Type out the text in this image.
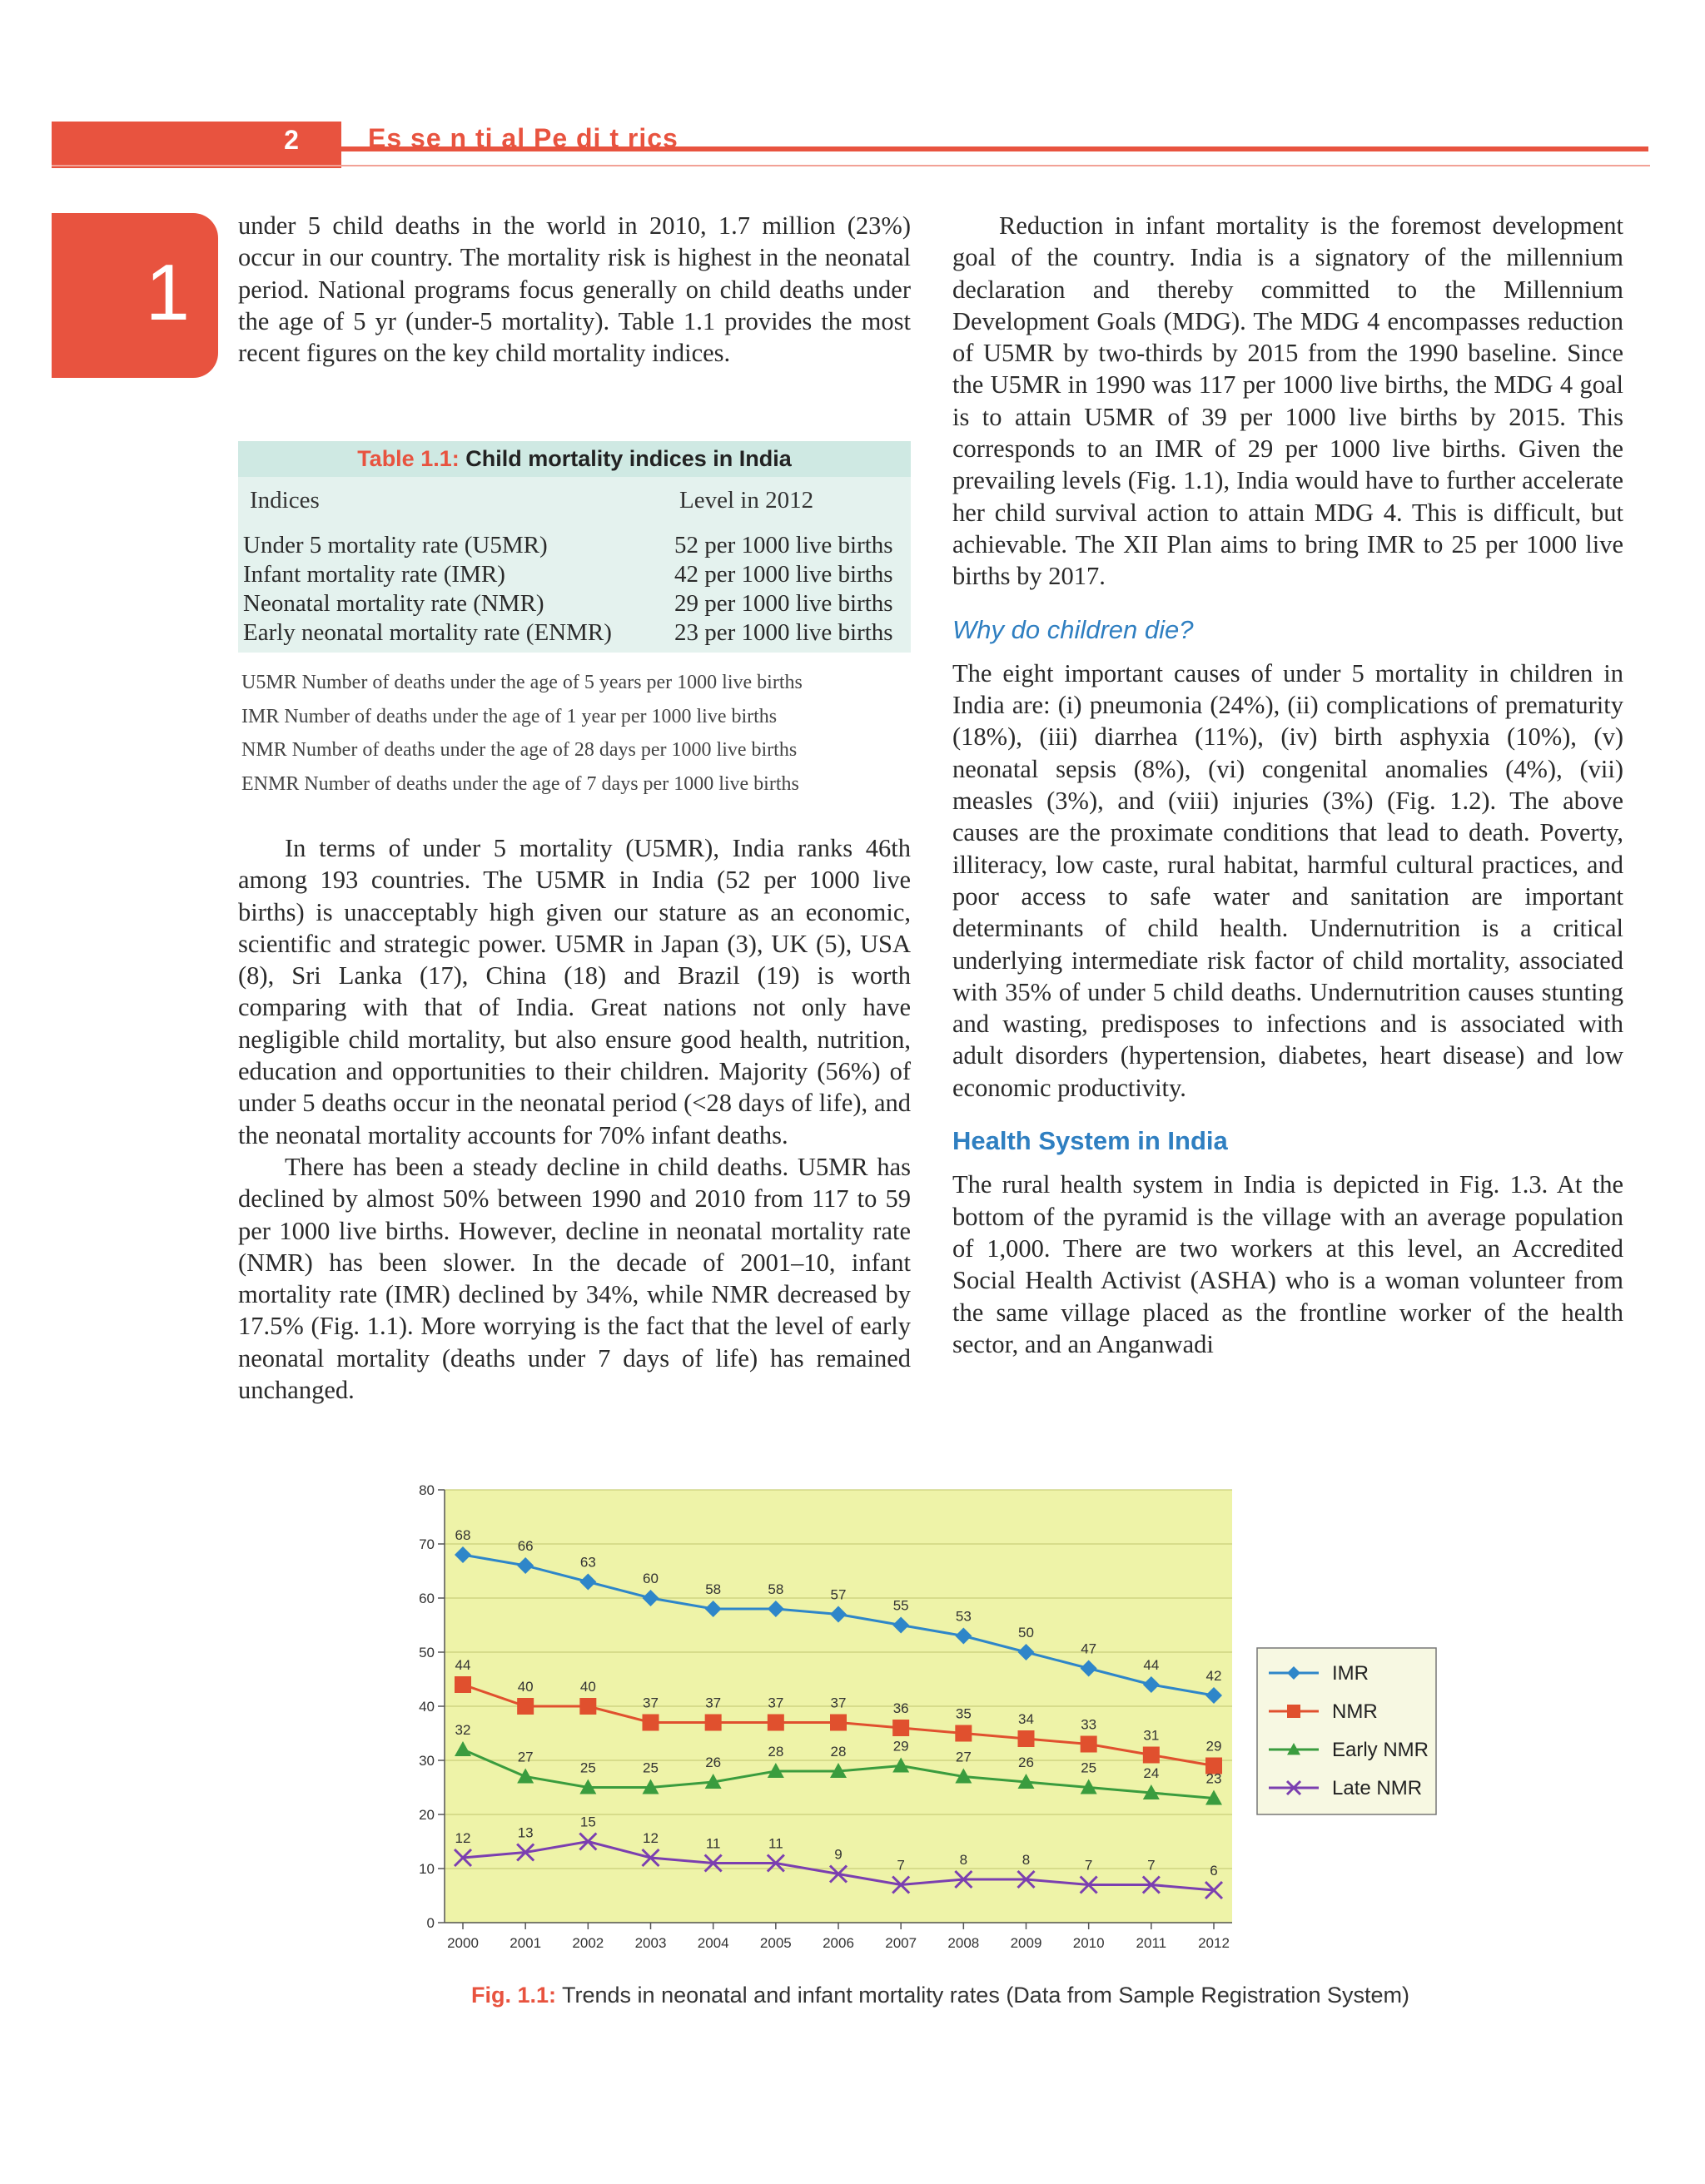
2	Es se n ti al Pe di t rics
1

under 5 child deaths in the world in 2010, 1.7 million (23%) occur in our country. The mortality risk is highest in the neonatal period. National programs focus generally on child deaths under the age of 5 yr (under-5 mortality). Table 1.1 provides the most recent figures on the key child mortality indices.

Table 1.1: Child mortality indices in India
Indices	Level in 2012
Under 5 mortality rate (U5MR)	52 per 1000 live births
Infant mortality rate (IMR)	42 per 1000 live births
Neonatal mortality rate (NMR)	29 per 1000 live births
Early neonatal mortality rate (ENMR)	23 per 1000 live births
U5MR Number of deaths under the age of 5 years per 1000 live births
IMR Number of deaths under the age of 1 year per 1000 live births
NMR Number of deaths under the age of 28 days per 1000 live births
ENMR Number of deaths under the age of 7 days per 1000 live births

In terms of under 5 mortality (U5MR), India ranks 46th among 193 countries. The U5MR in India (52 per 1000 live births) is unacceptably high given our stature as an economic, scientific and strategic power. U5MR in Japan (3), UK (5), USA (8), Sri Lanka (17), China (18) and Brazil (19) is worth comparing with that of India. Great nations not only have negligible child mortality, but also ensure good health, nutrition, education and opportunities to their children. Majority (56%) of under 5 deaths occur in the neonatal period (<28 days of life), and the neonatal mortality accounts for 70% infant deaths.

There has been a steady decline in child deaths. U5MR has declined by almost 50% between 1990 and 2010 from 117 to 59 per 1000 live births. However, decline in neonatal mortality rate (NMR) has been slower. In the decade of 2001–10, infant mortality rate (IMR) declined by 34%, while NMR decreased by 17.5% (Fig. 1.1). More worrying is the fact that the level of early neonatal mortality (deaths under 7 days of life) has remained unchanged.

Reduction in infant mortality is the foremost development goal of the country. India is a signatory of the millennium declaration and thereby committed to the Millennium Development Goals (MDG). The MDG 4 encompasses reduction of U5MR by two-thirds by 2015 from the 1990 baseline. Since the U5MR in 1990 was 117 per 1000 live births, the MDG 4 goal is to attain U5MR of 39 per 1000 live births by 2015. This corresponds to an IMR of 29 per 1000 live births. Given the prevailing levels (Fig. 1.1), India would have to further accelerate her child survival action to attain MDG 4. This is difficult, but achievable. The XII Plan aims to bring IMR to 25 per 1000 live births by 2017.

Why do children die?

The eight important causes of under 5 mortality in children in India are: (i) pneumonia (24%), (ii) complications of prematurity (18%), (iii) diarrhea (11%), (iv) birth asphyxia (10%), (v) neonatal sepsis (8%), (vi) congenital anomalies (4%), (vii) measles (3%), and (viii) injuries (3%) (Fig. 1.2). The above causes are the proximate conditions that lead to death. Poverty, illiteracy, low caste, rural habitat, harmful cultural practices, and poor access to safe water and sanitation are important determinants of child health. Undernutrition is a critical underlying intermediate risk factor of child mortality, associated with 35% of under 5 child deaths. Undernutrition causes stunting and wasting, predisposes to infections and is associated with adult disorders (hypertension, diabetes, heart disease) and low economic productivity.

Health System in India

The rural health system in India is depicted in Fig. 1.3. At the bottom of the pyramid is the village with an average population of 1,000. There are two workers at this level, an Accredited Social Health Activist (ASHA) who is a woman volunteer from the same village placed as the frontline worker of the health sector, and an Anganwadi

0
10
20
30
40
50
60
70
80
2000 2001 2002 2003 2004 2005 2006 2007 2008 2009 2010 2011 2012
68
66
63
60
58	58	57
55
53
50
47
44
42
44
40	40
37	37	37	37	36	35	34	33
31
29
32
27
25	25	26
28	28	29
27	26	25	24	23
12	13
15
12	11	11
9
7	8	8	7	7	6
IMR
NMR
Early NMR
Late NMR
Fig. 1.1: Trends in neonatal and infant mortality rates (Data from Sample Registration System)
